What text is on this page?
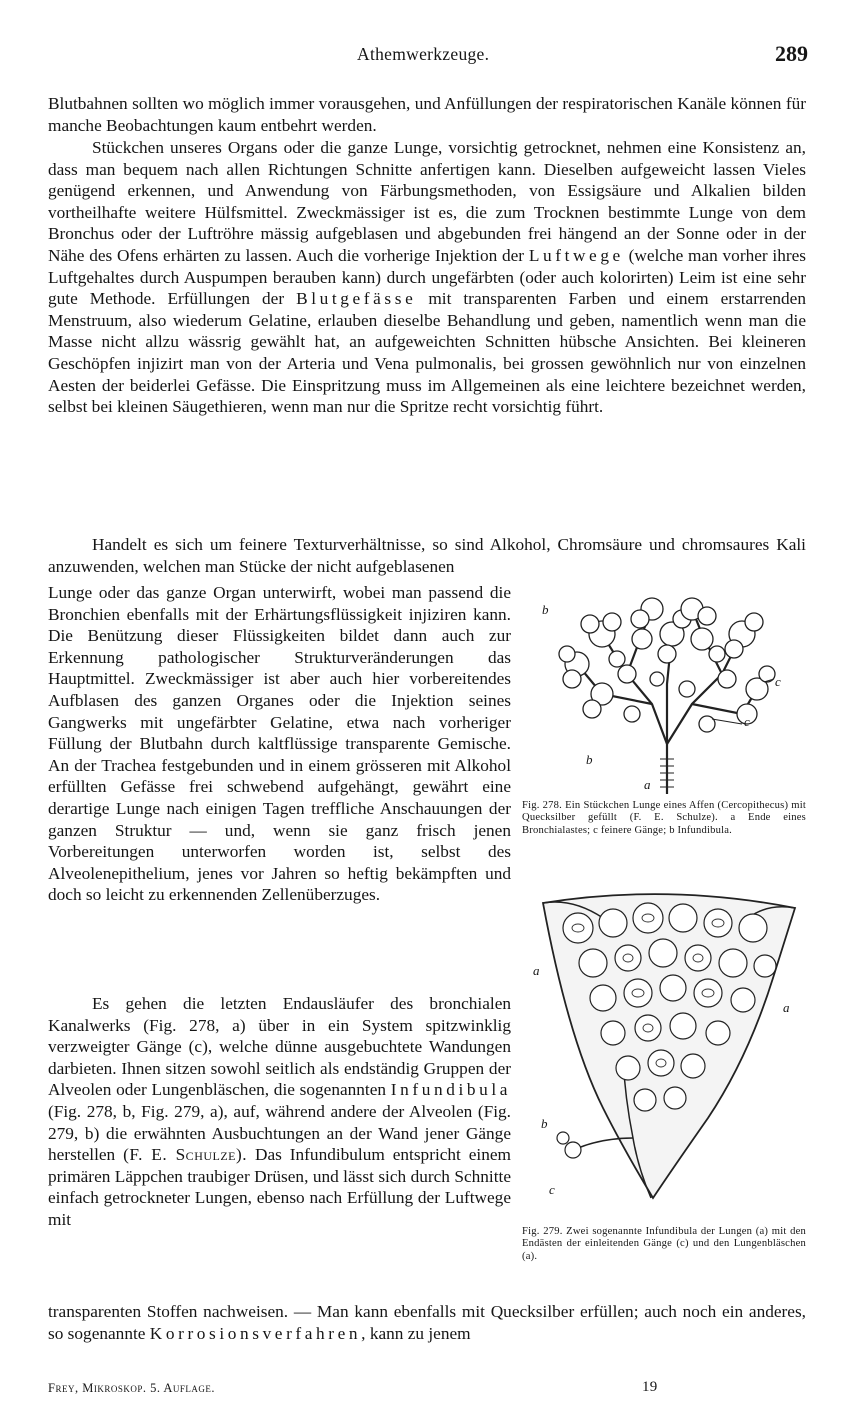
Athemwerkzeuge.	289

Blutbahnen sollten wo möglich immer vorausgehen, und Anfüllungen der respiratorischen Kanäle können für manche Beobachtungen kaum entbehrt werden.

Stückchen unseres Organs oder die ganze Lunge, vorsichtig getrocknet, nehmen eine Konsistenz an, dass man bequem nach allen Richtungen Schnitte anfertigen kann. Dieselben aufgeweicht lassen Vieles genügend erkennen, und Anwendung von Färbungsmethoden, von Essigsäure und Alkalien bilden vortheilhafte weitere Hülfsmittel. Zweckmässiger ist es, die zum Trocknen bestimmte Lunge von dem Bronchus oder der Luftröhre mässig aufgeblasen und abgebunden frei hängend an der Sonne oder in der Nähe des Ofens erhärten zu lassen. Auch die vorherige Injektion der Luftwege (welche man vorher ihres Luftgehaltes durch Auspumpen berauben kann) durch ungefärbten (oder auch kolorirten) Leim ist eine sehr gute Methode. Erfüllungen der Blutgefässe mit transparenten Farben und einem erstarrenden Menstruum, also wiederum Gelatine, erlauben dieselbe Behandlung und geben, namentlich wenn man die Masse nicht allzu wässrig gewählt hat, an aufgeweichten Schnitten hübsche Ansichten. Bei kleineren Geschöpfen injizirt man von der Arteria und Vena pulmonalis, bei grossen gewöhnlich nur von einzelnen Aesten der beiderlei Gefässe. Die Einspritzung muss im Allgemeinen als eine leichtere bezeichnet werden, selbst bei kleinen Säugethieren, wenn man nur die Spritze recht vorsichtig führt.

Handelt es sich um feinere Texturverhältnisse, so sind Alkohol, Chromsäure und chromsaures Kali anzuwenden, welchen man Stücke der nicht aufgeblasenen

Lunge oder das ganze Organ unterwirft, wobei man passend die Bronchien ebenfalls mit der Erhärtungsflüssigkeit injiziren kann. Die Benützung dieser Flüssigkeiten bildet dann auch zur Erkennung pathologischer Strukturveränderungen das Hauptmittel. Zweckmässiger ist aber auch hier vorbereitendes Aufblasen des ganzen Organes oder die Injektion seines Gangwerks mit ungefärbter Gelatine, etwa nach vorheriger Füllung der Blutbahn durch kaltflüssige transparente Gemische. An der Trachea festgebunden und in einem grösseren mit Alkohol erfüllten Gefässe frei schwebend aufgehängt, gewährt eine derartige Lunge nach einigen Tagen treffliche Anschauungen der ganzen Struktur — und, wenn sie ganz frisch jenen Vorbereitungen unterworfen worden ist, selbst des Alveolenepithelium, jenes vor Jahren so heftig bekämpften und doch so leicht zu erkennenden Zellenüberzuges.

Es gehen die letzten Endausläufer des bronchialen Kanalwerks (Fig. 278, a) über in ein System spitzwinklig verzweigter Gänge (c), welche dünne ausgebuchtete Wandungen darbieten. Ihnen sitzen sowohl seitlich als endständig Gruppen der Alveolen oder Lungenbläschen, die sogenannten Infundibula (Fig. 278, b, Fig. 279, a), auf, während andere der Alveolen (Fig. 279, b) die erwähnten Ausbuchtungen an der Wand jener Gänge herstellen (F. E. Schulze). Das Infundibulum entspricht einem primären Läppchen traubiger Drüsen, und lässt sich durch Schnitte einfach getrockneter Lungen, ebenso nach Erfüllung der Luftwege mit

transparenten Stoffen nachweisen. — Man kann ebenfalls mit Quecksilber erfüllen; auch noch ein anderes, so sogenannte Korrosionsverfahren, kann zu jenem

b
c
c
b
a
Fig. 278. Ein Stückchen Lunge eines Affen (Cercopithecus) mit Quecksilber gefüllt (F. E. Schulze). a Ende eines Bronchialastes; c feinere Gänge; b Infundibula.
a
a
b
c
Fig. 279. Zwei sogenannte Infundibula der Lungen (a) mit den Endästen der einleitenden Gänge (c) und den Lungenbläschen (a).
Frey, Mikroskop. 5. Auflage.	19
